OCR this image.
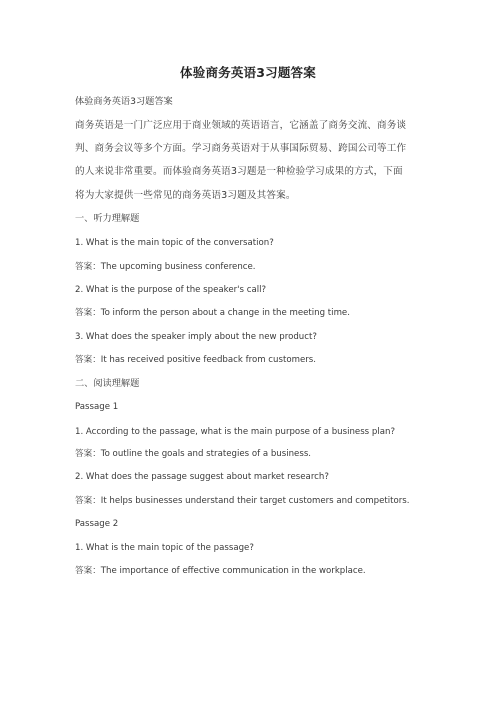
体验商务英语3习题答案
体验商务英语3习题答案
商务英语是一门广泛应用于商业领域的英语语言，它涵盖了商务交流、商务谈
判、商务会议等多个方面。学习商务英语对于从事国际贸易、跨国公司等工作
的人来说非常重要。而体验商务英语3习题是一种检验学习成果的方式，下面
将为大家提供一些常见的商务英语3习题及其答案。
一、听力理解题
1. What is the main topic of the conversation?
答案：The upcoming business conference.
2. What is the purpose of the speaker's call?
答案：To inform the person about a change in the meeting time.
3. What does the speaker imply about the new product?
答案：It has received positive feedback from customers.
二、阅读理解题
Passage 1
1. According to the passage, what is the main purpose of a business plan?
答案：To outline the goals and strategies of a business.
2. What does the passage suggest about market research?
答案：It helps businesses understand their target customers and competitors.
Passage 2
1. What is the main topic of the passage?
答案：The importance of effective communication in the workplace.
